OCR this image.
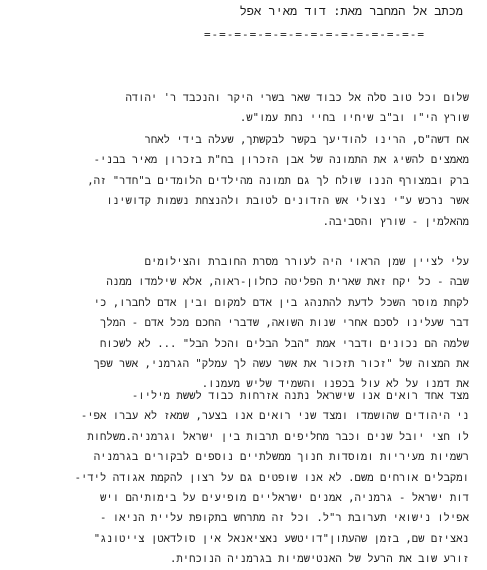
מכתב אל המחבר מאת: דוד מאיר אפל
=-=-=-=-=-=-=-=-=-=-=-=-=-=-=
שלום וכל טוב סלה אל כבוד שאר בשרי היקר והנכבד ר' יהודה
שורץ הי"ו וב"ב שיחיו בחיי נחת עמו"ש.
אח דשה"ס, הרינו להודיעך בקשר לבקשתך, שעלה בידי לאחר
מאמצים להשיג את התמונה של אבן הזכרון בח"ת בזכרון מאיר בבני-
ברק ובמצורף הננו שולח לך גם תמונה מהילדים הלומדים ב"חדר" זה,
אשר נרכש ע"י נצולי אש הזדונים לטובת ולהנצחת נשמות קדושינו
מהאלמין - שורץ והסביבה.
עלי לציין שמן הראוי היה לעורר מסרת החוברת והצילומים
שבה - כל יקח זאת שארית הפליטה כחלון-ראוה, אלא שילמדו ממנה
לקחת מוסר השכל לדעת להתנהג בין אדם למקום ובין אדם לחברו, כי
דבר שעלינו לסכם אחרי שנות השואה, שדברי החכם מכל אדם - המלך
שלמה הם נכונים ודברי אמת "הבל הבלים והכל הבל" ... לא לשכוח
את המצוה של "זכור תזכור את אשר עשה לך עמלק" הגרמני, אשר שפך
את דמנו על לא עול בכפנו והשמיד שליש מעמנו.
מצד אחד רואים אנו שישראל נתנה אזרחות כבוד לששת מיליו-
ני היהודים שהושמדו ומצד שני רואים אנו בצער, שמאז לא עברו אפי-
לו חצי יובל שנים וכבר מחליפים תרבות בין ישראל וגרמניה.משלחות
רשמיות מעיריות ומוסדות חנוך ממשלתיים נוספים לבקורים בגרמניה
ומקבלים אורחים משם. לא אנו שופטים גם על רצון להקמת אגודה לידי-
דות ישראל - גרמניה, אמנים ישראליים מופיעים על בימותיהם ויש
אפילו נישואי תערובת ר"ל. וכל זה מתרחש בתקופת עליית הניאו -
נאציזם שם, בזמן שהעתון"דויטשע נאציאנאל אין סולדאטן צייטונג"
זורע שוב את הרעל של האנטישמיות בגרמניה הנוכחית.
